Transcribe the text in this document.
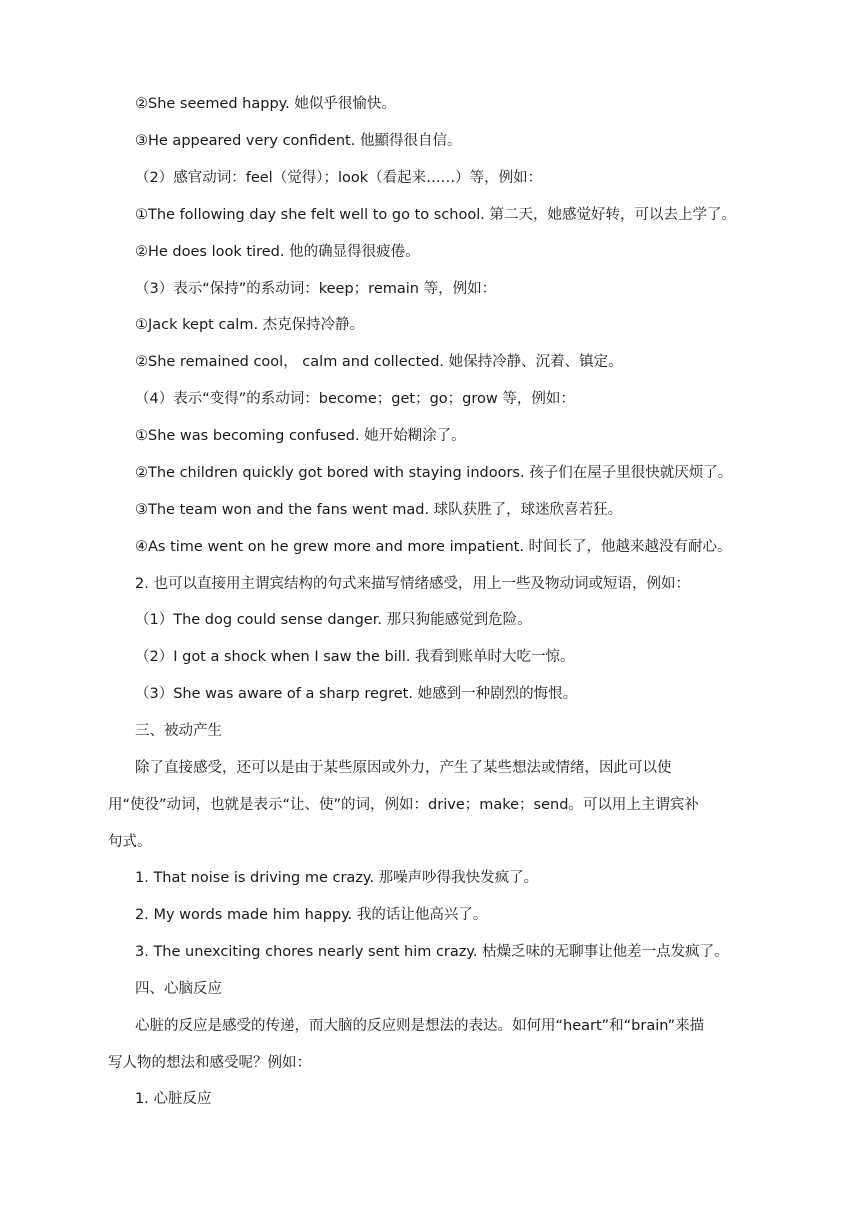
②She seemed happy. 她似乎很愉快。
③He appeared very confident. 他顯得很自信。
（2）感官动词：feel（觉得）；look（看起来……）等，例如：
①The following day she felt well to go to school. 第二天，她感觉好转，可以去上学了。
②He does look tired. 他的确显得很疲倦。
（3）表示“保持”的系动词：keep；remain 等，例如：
①Jack kept calm. 杰克保持冷静。
②She remained cool， calm and collected. 她保持冷静、沉着、镇定。
（4）表示“变得”的系动词：become；get；go；grow 等，例如：
①She was becoming confused. 她开始糊涂了。
②The children quickly got bored with staying indoors. 孩子们在屋子里很快就厌烦了。
③The team won and the fans went mad. 球队获胜了，球迷欣喜若狂。
④As time went on he grew more and more impatient. 时间长了，他越来越没有耐心。
2. 也可以直接用主谓宾结构的句式来描写情绪感受，用上一些及物动词或短语，例如：
（1）The dog could sense danger. 那只狗能感觉到危险。
（2）I got a shock when I saw the bill. 我看到账单时大吃一惊。
（3）She was aware of a sharp regret. 她感到一种剧烈的悔恨。
三、被动产生
除了直接感受，还可以是由于某些原因或外力，产生了某些想法或情绪，因此可以使
用“使役”动词，也就是表示“让、使”的词，例如：drive；make；send。可以用上主谓宾补
句式。
1. That noise is driving me crazy. 那噪声吵得我快发疯了。
2. My words made him happy. 我的话让他高兴了。
3. The unexciting chores nearly sent him crazy. 枯燥乏味的无聊事让他差一点发疯了。
四、心脑反应
心脏的反应是感受的传递，而大脑的反应则是想法的表达。如何用“heart”和“brain”来描
写人物的想法和感受呢？例如：
1. 心脏反应
